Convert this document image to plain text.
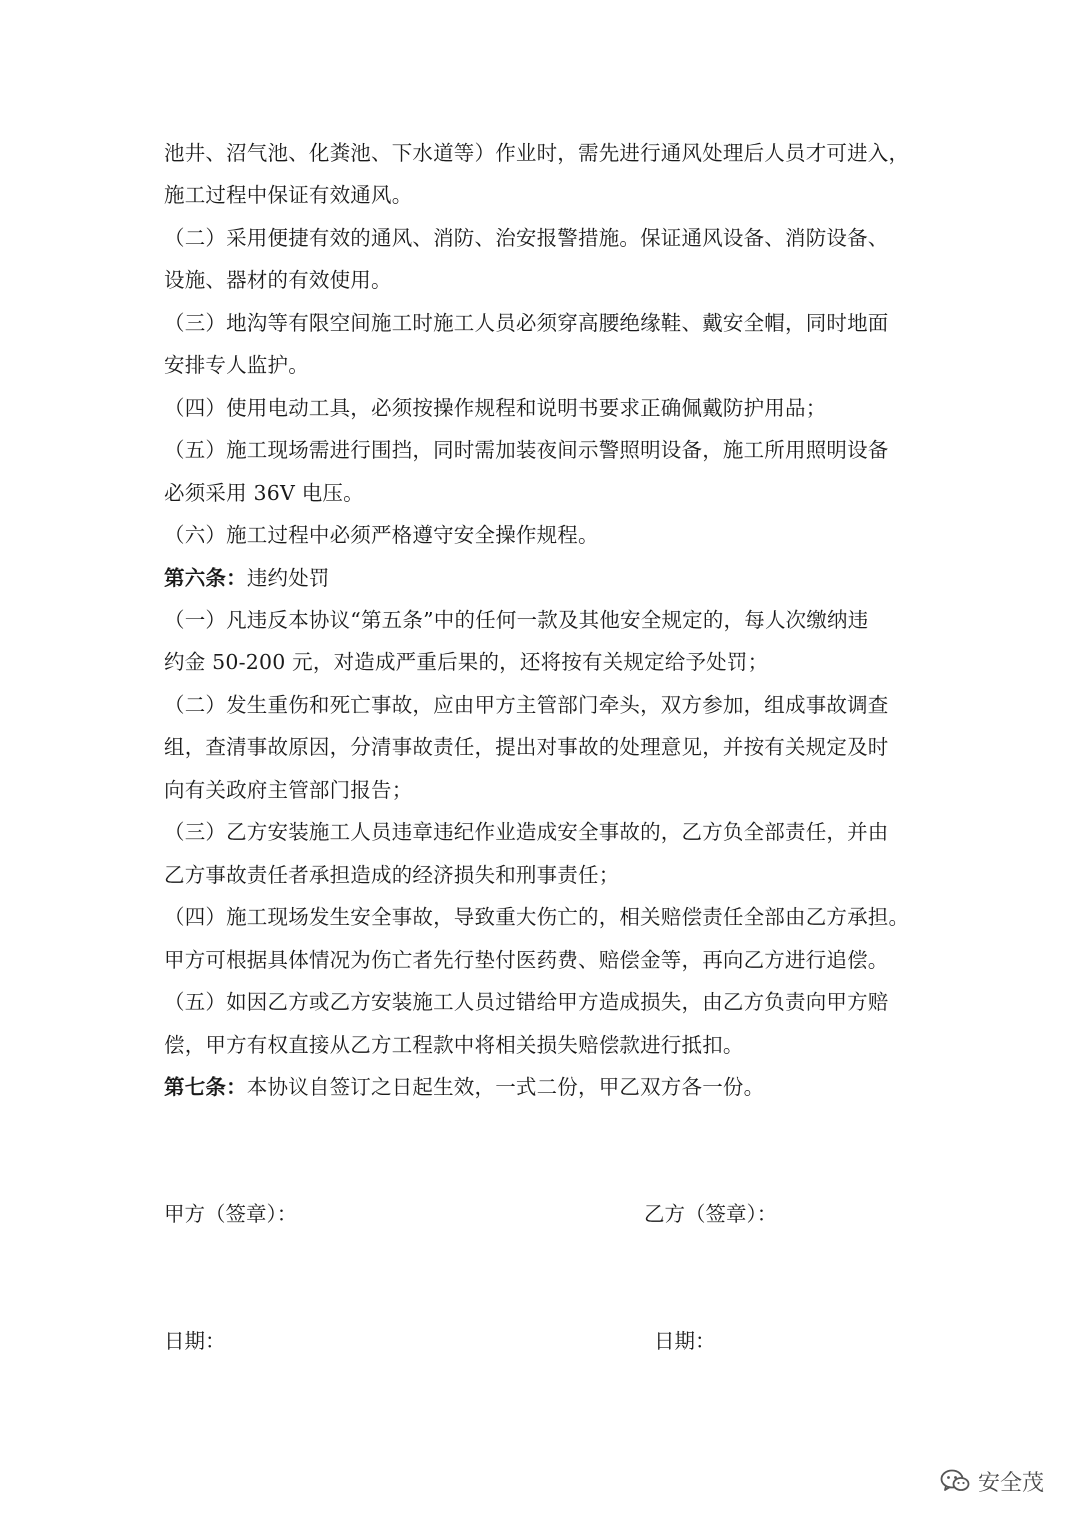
池井、沼气池、化粪池、下水道等）作业时，需先进行通风处理后人员才可进入，
施工过程中保证有效通风。
（二）采用便捷有效的通风、消防、治安报警措施。保证通风设备、消防设备、
设施、器材的有效使用。
（三）地沟等有限空间施工时施工人员必须穿高腰绝缘鞋、戴安全帽，同时地面
安排专人监护。
（四）使用电动工具，必须按操作规程和说明书要求正确佩戴防护用品；
（五）施工现场需进行围挡，同时需加装夜间示警照明设备，施工所用照明设备
必须采用 36V 电压。
（六）施工过程中必须严格遵守安全操作规程。
第六条：违约处罚
（一）凡违反本协议“第五条”中的任何一款及其他安全规定的，每人次缴纳违
约金 50-200 元，对造成严重后果的，还将按有关规定给予处罚；
（二）发生重伤和死亡事故，应由甲方主管部门牵头，双方参加，组成事故调查
组，查清事故原因，分清事故责任，提出对事故的处理意见，并按有关规定及时
向有关政府主管部门报告；
（三）乙方安装施工人员违章违纪作业造成安全事故的，乙方负全部责任，并由
乙方事故责任者承担造成的经济损失和刑事责任；
（四）施工现场发生安全事故，导致重大伤亡的，相关赔偿责任全部由乙方承担。
甲方可根据具体情况为伤亡者先行垫付医药费、赔偿金等，再向乙方进行追偿。
（五）如因乙方或乙方安装施工人员过错给甲方造成损失，由乙方负责向甲方赔
偿，甲方有权直接从乙方工程款中将相关损失赔偿款进行抵扣。
第七条：本协议自签订之日起生效，一式二份，甲乙双方各一份。
甲方（签章）：	乙方（签章）：
日期：	日期：
安全茂
